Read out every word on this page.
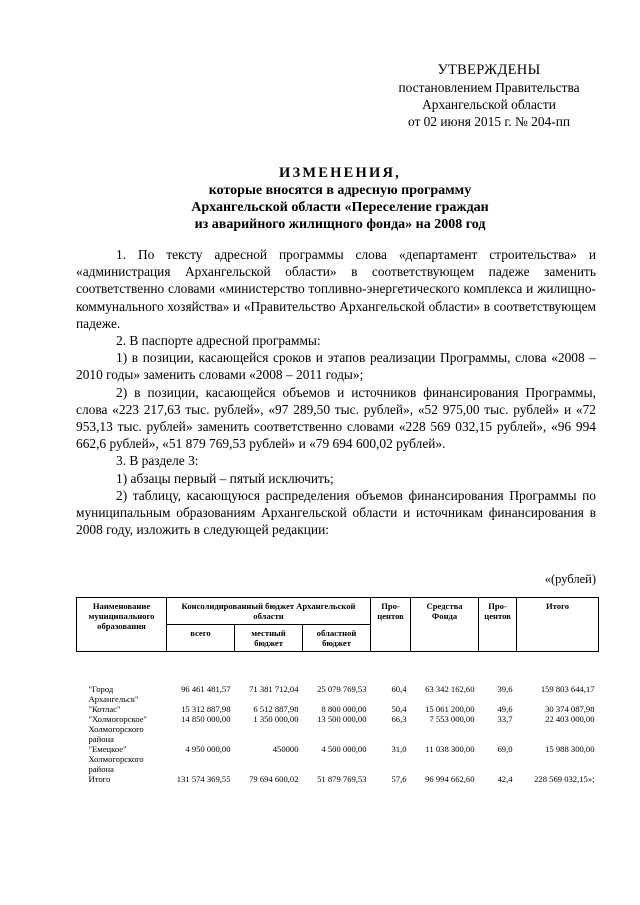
УТВЕРЖДЕНЫ
постановлением Правительства
Архангельской области
от 02 июня 2015 г. № 204-пп
ИЗМЕНЕНИЯ,
которые вносятся в адресную программу
Архангельской области «Переселение граждан
из аварийного жилищного фонда» на 2008 год

1. По тексту адресной программы слова «департамент строительства» и «администрация Архангельской области» в соответствующем падеже заменить соответственно словами «министерство топливно-энергетического комплекса и жилищно-коммунального хозяйства» и «Правительство Архангельской области» в соответствующем падеже.

2. В паспорте адресной программы:

1) в позиции, касающейся сроков и этапов реализации Программы, слова «2008 – 2010 годы» заменить словами «2008 – 2011 годы»;

2) в позиции, касающейся объемов и источников финансирования Программы, слова «223 217,63 тыс. рублей», «97 289,50 тыс. рублей», «52 975,00 тыс. рублей» и «72 953,13 тыс. рублей» заменить соответственно словами «228 569 032,15 рублей», «96 994 662,6 рублей», «51 879 769,53 рублей» и «79 694 600,02 рублей».

3. В разделе 3:

1) абзацы первый – пятый исключить;

2) таблицу, касающуюся распределения объемов финансирования Программы по муниципальным образованиям Архангельской области и источникам финансирования в 2008 году, изложить в следующей редакции:

«(рублей)
Наименование муниципального образования	Консолидированный бюджет Архангельской области			Про-центов	Средства Фонда	Про-центов	Итого
	всего	местный бюджет	областной бюджет				

"Город Архангельск"	96 461 481,57	71 381 712,04	25 079 769,53	60,4	63 342 162,60	39,6	159 803 644,17
"Котлас"	15 312 887,98	6 512 887,98	8 800 000,00	50,4	15 061 200,00	49,6	30 374 087,98
"Холмогорское" Холмогорского района	14 850 000,00	1 350 000,00	13 500 000,00	66,3	7 553 000,00	33,7	22 403 000,00
"Емецкое" Холмогорского района	4 950 000,00	450000	4 500 000,00	31,0	11 038 300,00	69,0	15 988 300,00
Итого	131 574 369,55	79 694 600,02	51 879 769,53	57,6	96 994 662,60	42,4	228 569 032,15»;
